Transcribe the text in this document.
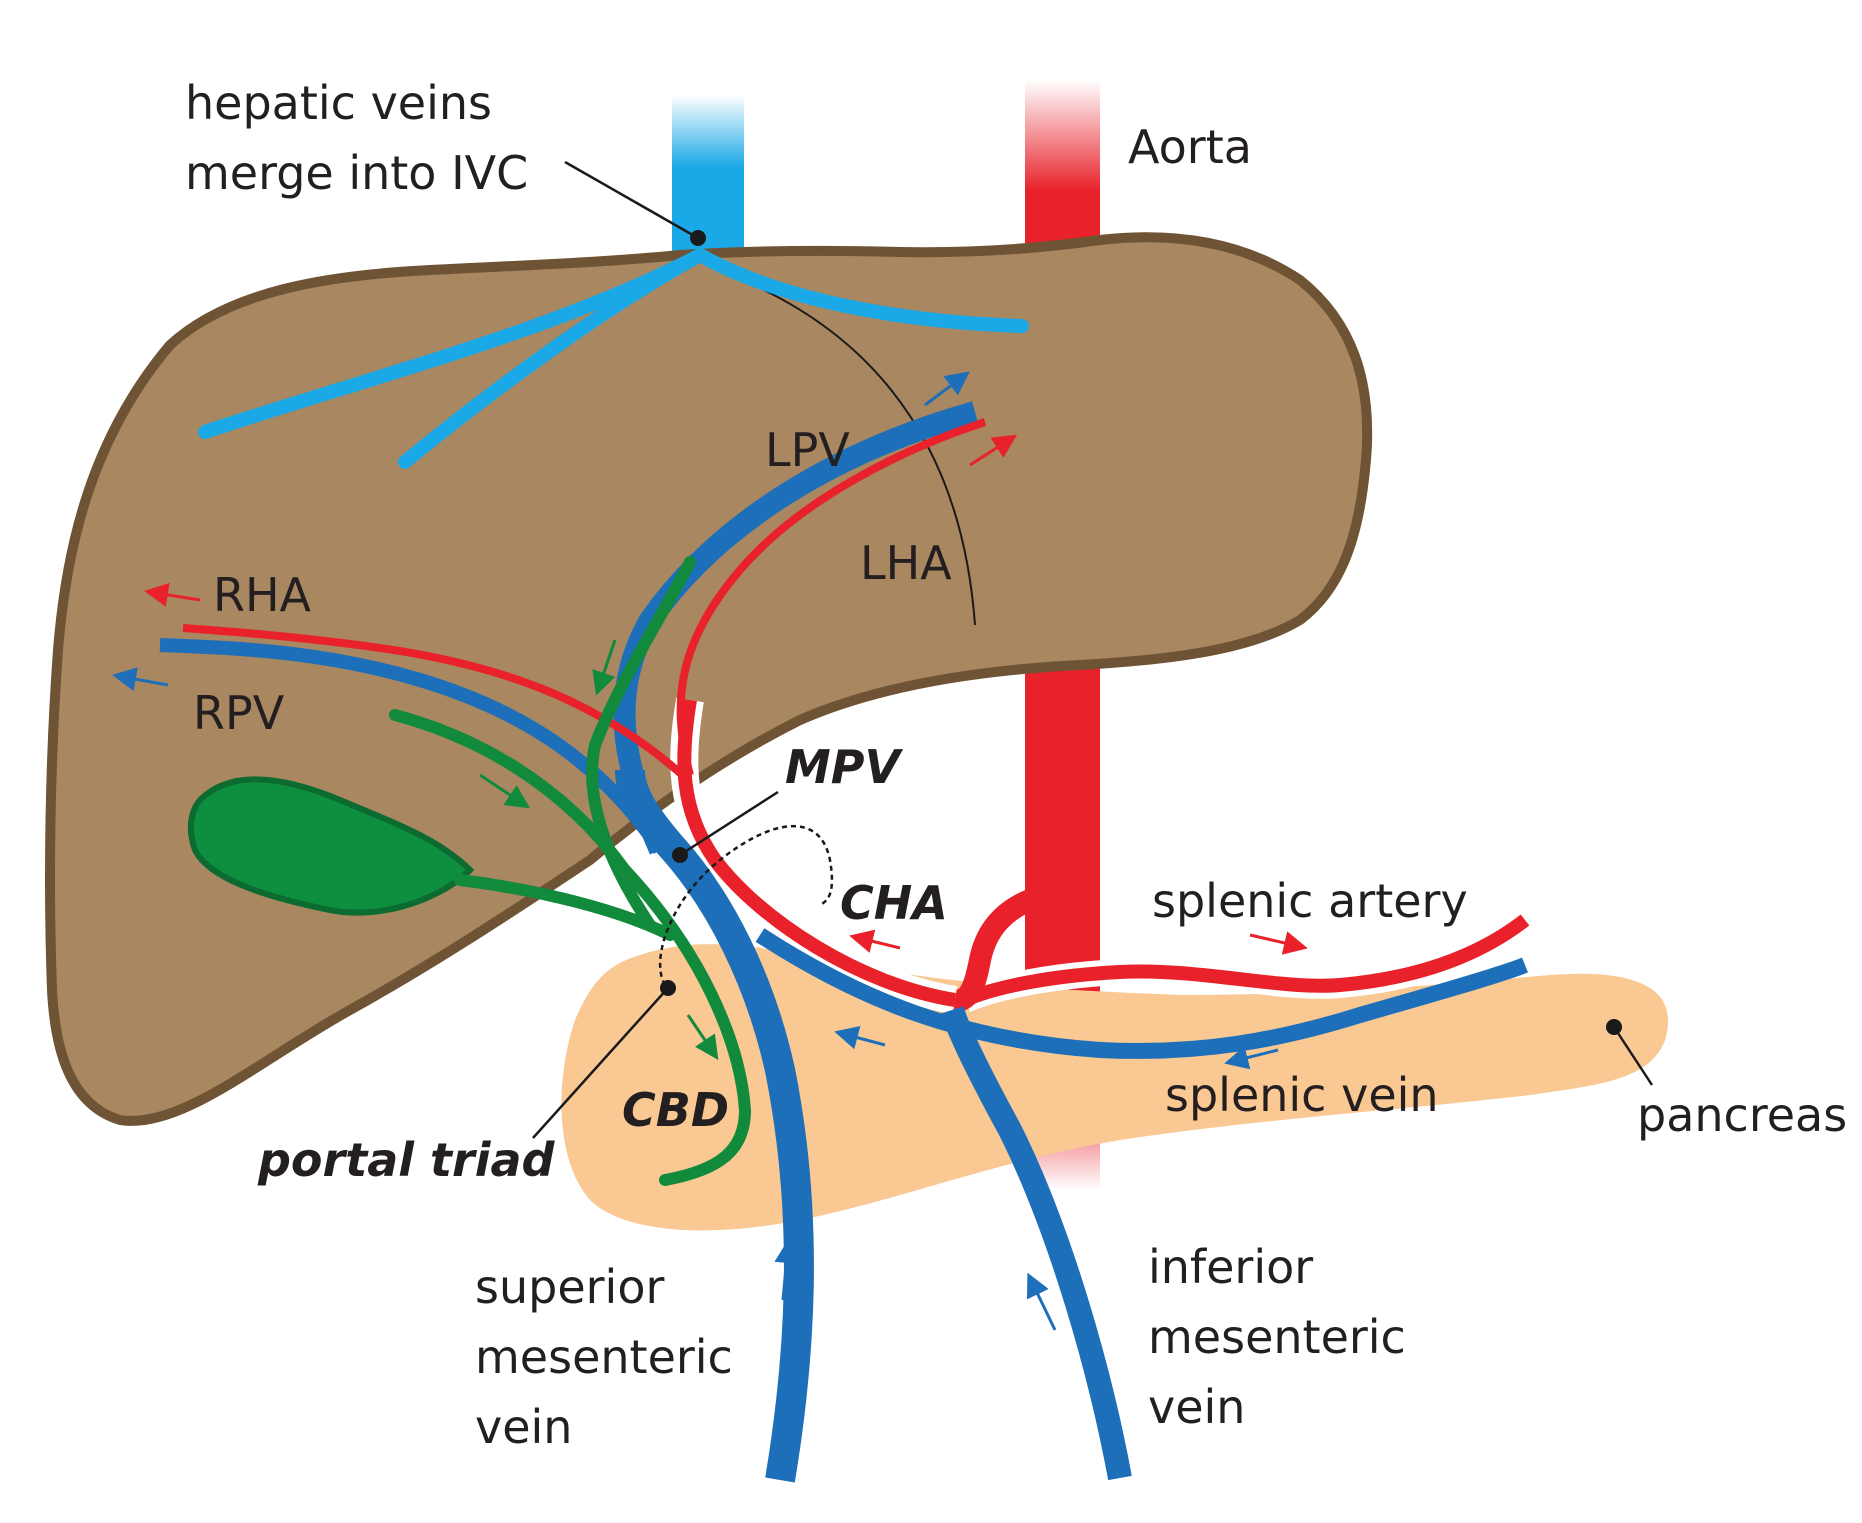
hepatic veins
merge into IVC	Aorta
LPV
LHA
RHA
RPV
MPV
CHA	splenic artery
splenic vein	pancreas
CBD
portal triad
superior
mesenteric
vein
inferior
mesenteric
vein
